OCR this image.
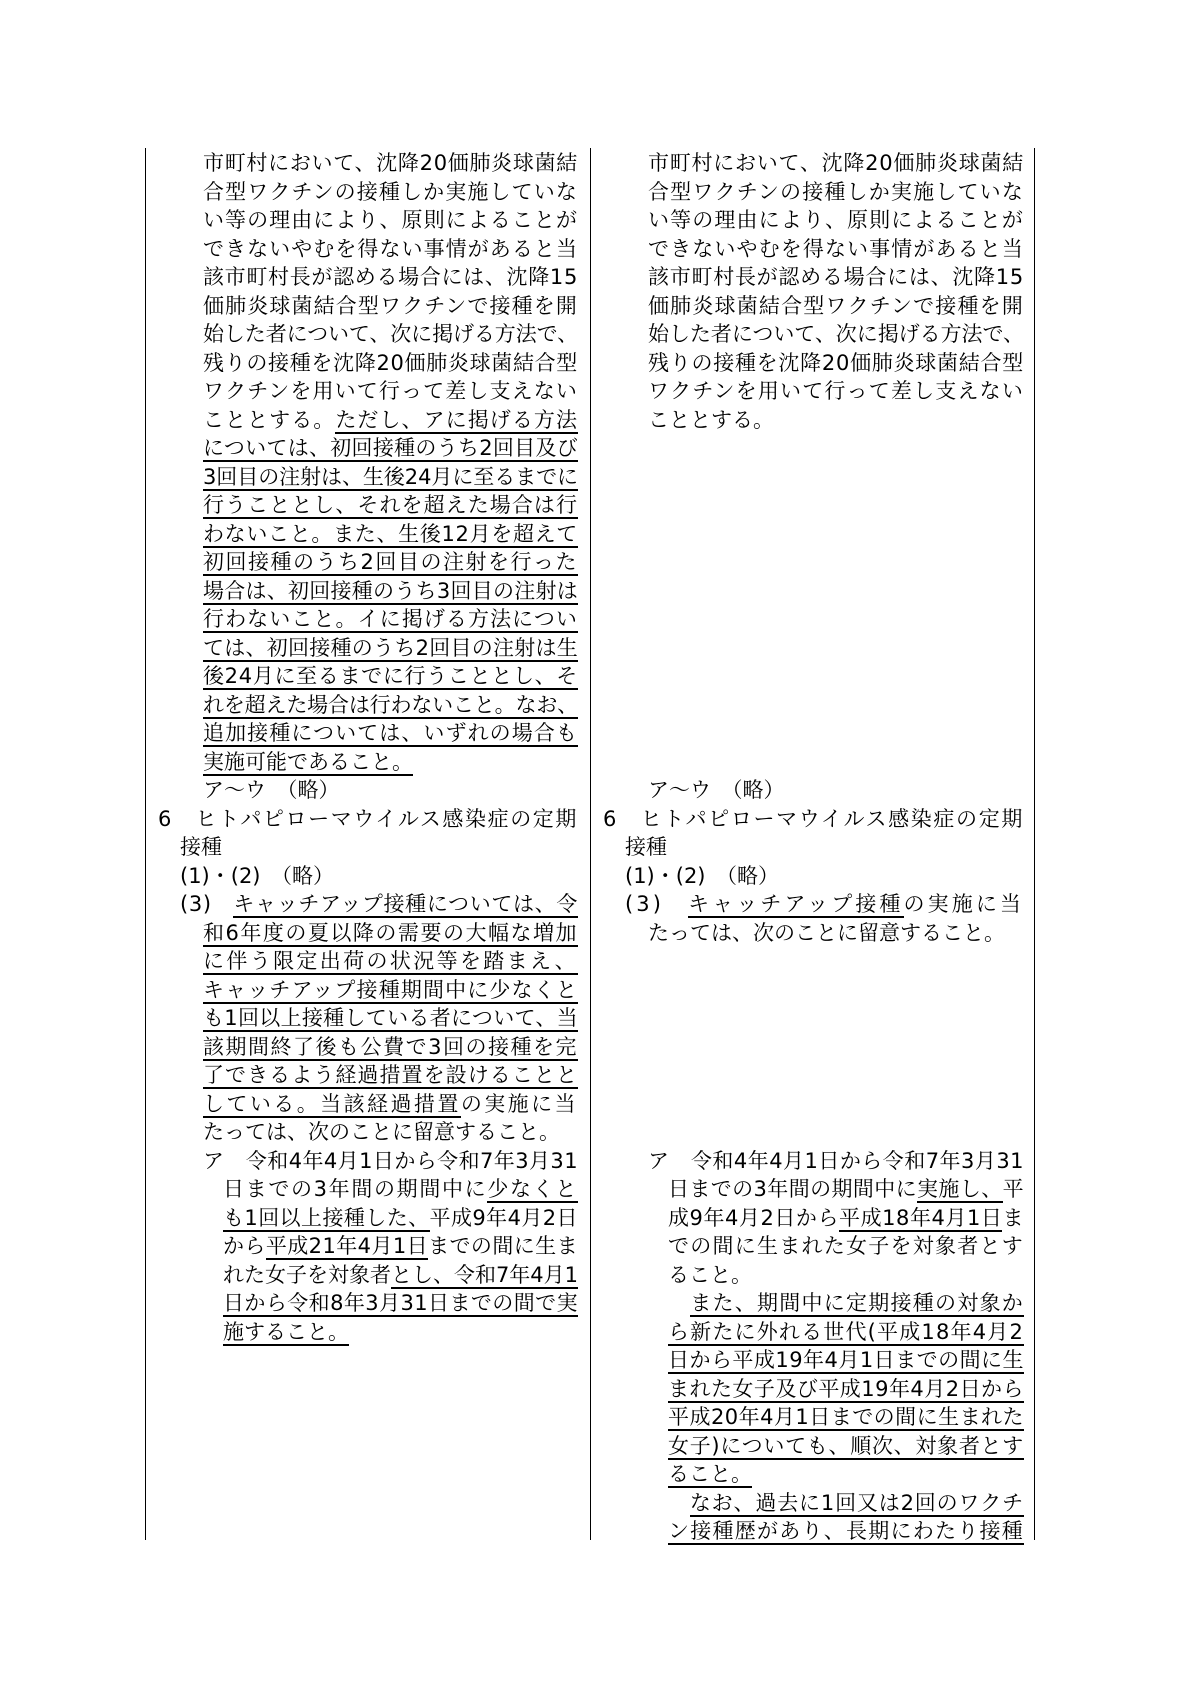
市町村において、沈降20価肺炎球菌結
合型ワクチンの接種しか実施していな
い等の理由により、原則によることが
できないやむを得ない事情があると当
該市町村長が認める場合には、沈降15
価肺炎球菌結合型ワクチンで接種を開
始した者について、次に掲げる方法で、
残りの接種を沈降20価肺炎球菌結合型
ワクチンを用いて行って差し支えない
こととする。ただし、アに掲げる方法
については、初回接種のうち2回目及び
3回目の注射は、生後24月に至るまでに
行うこととし、それを超えた場合は行
わないこと。また、生後12月を超えて
初回接種のうち2回目の注射を行った
場合は、初回接種のうち3回目の注射は
行わないこと。イに掲げる方法につい
ては、初回接種のうち2回目の注射は生
後24月に至るまでに行うこととし、そ
れを超えた場合は行わないこと。なお、
追加接種については、いずれの場合も
実施可能であること。
ア～ウ　（略）
6　ヒトパピローマウイルス感染症の定期
接種
(1)・(2)　（略）
(3)　キャッチアップ接種については、令
和6年度の夏以降の需要の大幅な増加
に伴う限定出荷の状況等を踏まえ、
キャッチアップ接種期間中に少なくと
も1回以上接種している者について、当
該期間終了後も公費で3回の接種を完
了できるよう経過措置を設けることと
している。当該経過措置の実施に当
たっては、次のことに留意すること。
ア　令和4年4月1日から令和7年3月31
日までの3年間の期間中に少なくと
も1回以上接種した、平成9年4月2日
から平成21年4月1日までの間に生ま
れた女子を対象者とし、令和7年4月1
日から令和8年3月31日までの間で実
施すること。
市町村において、沈降20価肺炎球菌結
合型ワクチンの接種しか実施していな
い等の理由により、原則によることが
できないやむを得ない事情があると当
該市町村長が認める場合には、沈降15
価肺炎球菌結合型ワクチンで接種を開
始した者について、次に掲げる方法で、
残りの接種を沈降20価肺炎球菌結合型
ワクチンを用いて行って差し支えない
こととする。
ア～ウ　（略）
6　ヒトパピローマウイルス感染症の定期
接種
(1)・(2)　（略）
(3)　キャッチアップ接種の実施に当
たっては、次のことに留意すること。
ア　令和4年4月1日から令和7年3月31
日までの3年間の期間中に実施し、平
成9年4月2日から平成18年4月1日ま
での間に生まれた女子を対象者とす
ること。
　また、期間中に定期接種の対象か
ら新たに外れる世代(平成18年4月2
日から平成19年4月1日までの間に生
まれた女子及び平成19年4月2日から
平成20年4月1日までの間に生まれた
女子)についても、順次、対象者とす
ること。
　なお、過去に1回又は2回のワクチ
ン接種歴があり、長期にわたり接種
